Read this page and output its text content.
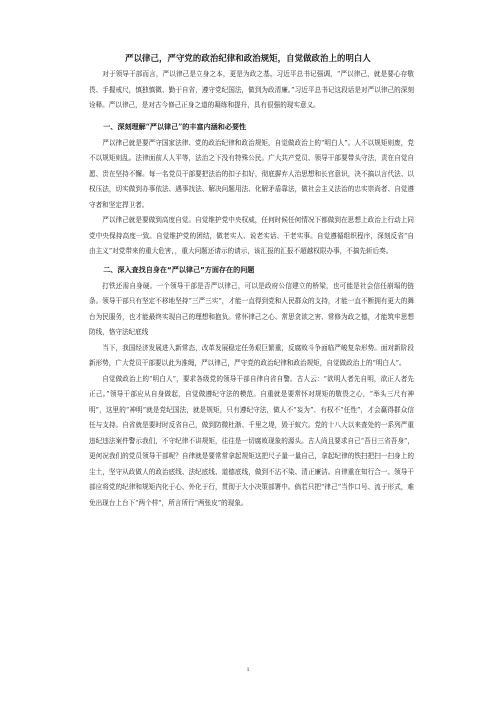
严以律己，严守党的政治纪律和政治规矩，自觉做政治上的明白人

对于领导干部而言，严以律己是立身之本，更是为政之基。习近平总书记强调，“严以律己，就是要心存敬畏、手握戒尺，慎独慎微、勤于自省，遵守党纪国法，做到为政清廉。”习近平总书记这段话是对严以律己的深刻诠释。严以律己，是对古今修己正身之道的凝练和提升，具有很强的现实意义。

一、深刻理解“严以律己”的丰富内涵和必要性

严以律己就是要严守国家法律、党的政治纪律和政治规矩，自觉做政治上的“明白人”。人不以规矩则废，党不以规矩则乱。法律面前人人平等，法治之下没有特殊公民。广大共产党员、领导干部要带头守法，责在自觉自愿、贵在坚持不懈。每一名党员干部要把法治的扣子扣好，彻底摒弃人治思想和长官意识，决不搞以言代法、以权压法，切实做到办事依法、遇事找法、解决问题用法、化解矛盾靠法，做社会主义法治的忠实崇尚者、自觉遵守者和坚定捍卫者。

严以律己就是要做到高度自觉。自觉维护党中央权威，任何时候任何情况下都做到在思想上政治上行动上同党中央保持高度一致。自觉维护党的团结，做老实人、说老实话、干老实事。自觉遵循组织程序，深刻反省“自由主义”对党带来的重大危害，，重大问题还请示的请示，该汇报的汇报不超越权限办事，不搞先斩后奏。

二、深入查找自身在“严以律己”方面存在的问题

打铁还需自身硬。一个领导干部是否严以律己，可以是政府公信建立的桥梁，也可能是社会信任崩塌的链条。领导干部只有坚定不移地坚持“三严三实”，才能一直得到党和人民群众的支持，才能一直不断拥有更大的舞台为民服务，也才能最终实现自己的理想和抱负。常怀律己之心、常思贪欲之害、常修为政之德，才能筑牢思想防线，恪守法纪底线

当下，我国经济发展进入新常态，改革发展稳定任务艰巨繁重，反腐败斗争面临严峻复杂形势。面对新阶段新形势，广大党员干部要以此为准绳，严以律己，严守党的政治纪律和政治规矩，自觉做政治上的“明白人”。

自觉做政治上的“明白人”，要求各级党的领导干部自律自省自警。古人云：“欲明人者先自明，欲正人者先正己。”领导干部应从自身做起，自觉做遵纪守法的模范。自重就是要常怀对规矩的敬畏之心，“举头三尺有神明”，这里的“神明”就是党纪国法，就是规矩，只有遵纪守法，做人不“妄为”、有权不“任性”，才会赢得群众信任与支持。自省就是要时时反省自己，做到防微杜渐、千里之堤，毁于蚁穴。党的十八大以来查处的一系列严重违纪违法案件警示我们，不守纪律不讲规矩，往往是一切腐败现象的源头。古人尚且要求自己“吾日三省吾身”，更何况我们的党员领导干部呢？自律就是要常常拿起规矩这把尺子量一量自己，拿起纪律的铁扫把扫一扫身上的尘土，坚守从政做人的政治底线、法纪底线、道德底线，做到不沾不染、清正廉洁。自律重在知行合一。领导干部应将党的纪律和规矩内化于心、外化于行，贯彻于大小决策部署中。倘若只把“律己”当作口号、流于形式，难免出现台上台下“两个样”，所言所行“两张皮”的现象。

1
